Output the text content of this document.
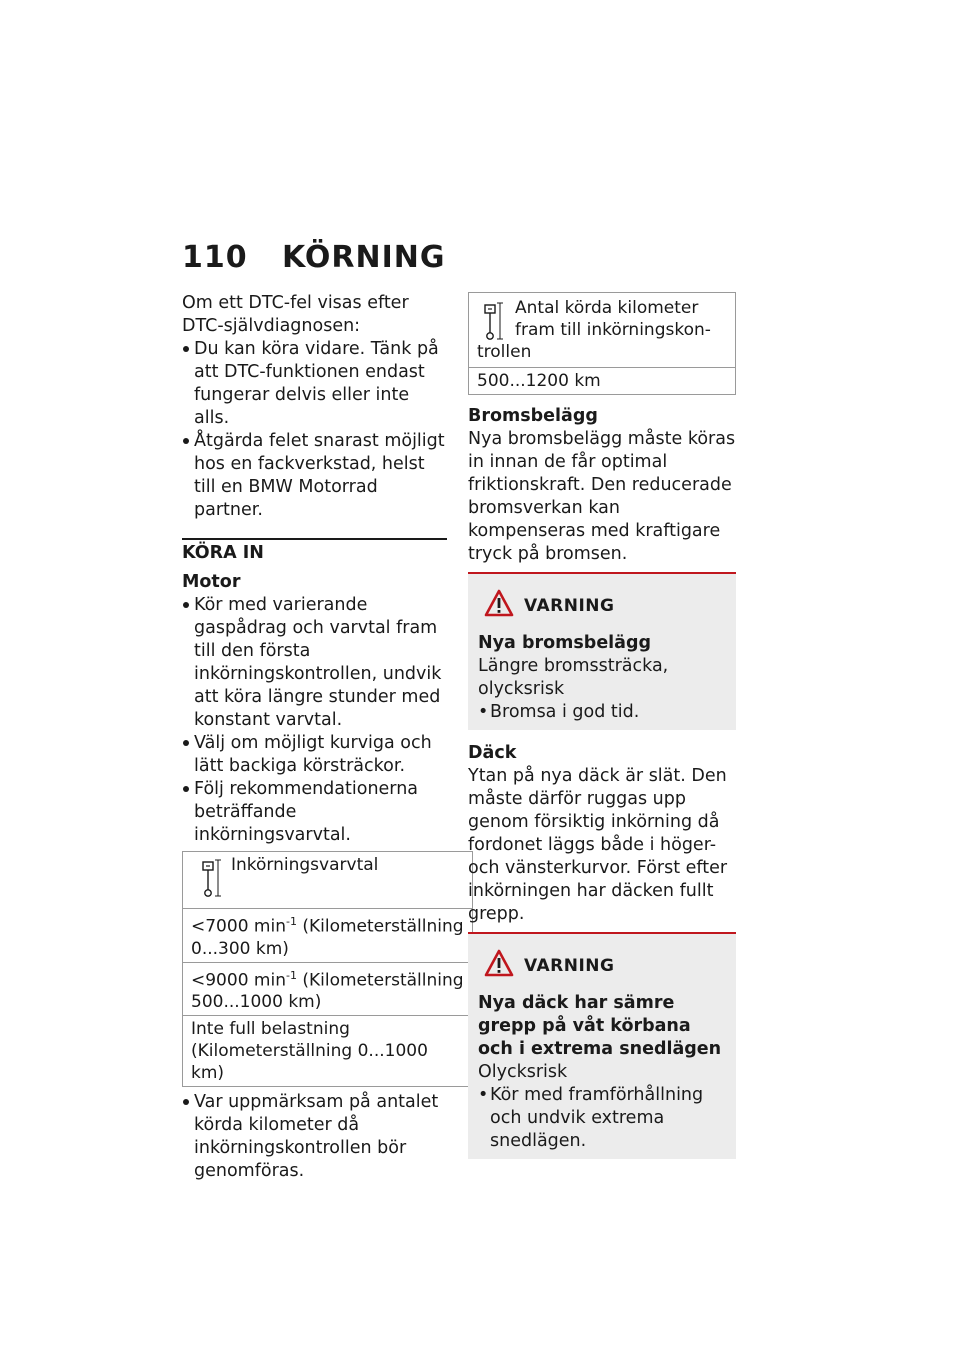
110 KÖRNING

Om ett DTC-fel visas efter DTC-självdiagnosen:

Du kan köra vidare. Tänk på att DTC-funktionen endast fungerar delvis eller inte alls.

Åtgärda felet snarast möjligt hos en fackverkstad, helst till en BMW Motorrad partner.

KÖRA IN
Motor

Kör med varierande gaspådrag och varvtal fram till den första inkörningskontrollen, undvik att köra längre stunder med konstant varvtal.

Välj om möjligt kurviga och lätt backiga körsträckor.

Följ rekommendationerna beträffande inkörningsvarvtal.

Inkörningsvarvtal

<7000 $\min^{-1}$ (Kilometerställning
0...300 km)
<9000 $\min^{-1}$ (Kilometerställning
500...1000 km)
Inte full belastning (Kilometerställning 0...1000 km)

Var uppmärksam på antalet körda kilometer då inkörningskontrollen bör genomföras.

Antal körda kilometer fram till inkörningskon-
trollen

500...1200 km
Bromsbelägg

Nya bromsbelägg måste köras in innan de får optimal friktionskraft. Den reducerade bromsverkan kan kompenseras med kraftigare tryck på bromsen.

VARNING
Nya bromsbelägg

Längre bromssträcka, olycksrisk

• Bromsa i god tid.

Däck

Ytan på nya däck är slät. Den måste därför ruggas upp genom försiktig inkörning då fordonet läggs både i höger- och vänsterkurvor. Först efter inkörningen har däcken fullt grepp.

VARNING
Nya däck har sämre grepp på våt körbana och i extrema snedlägen

Olycksrisk

• Kör med framförhållning och undvik extrema snedlägen.
